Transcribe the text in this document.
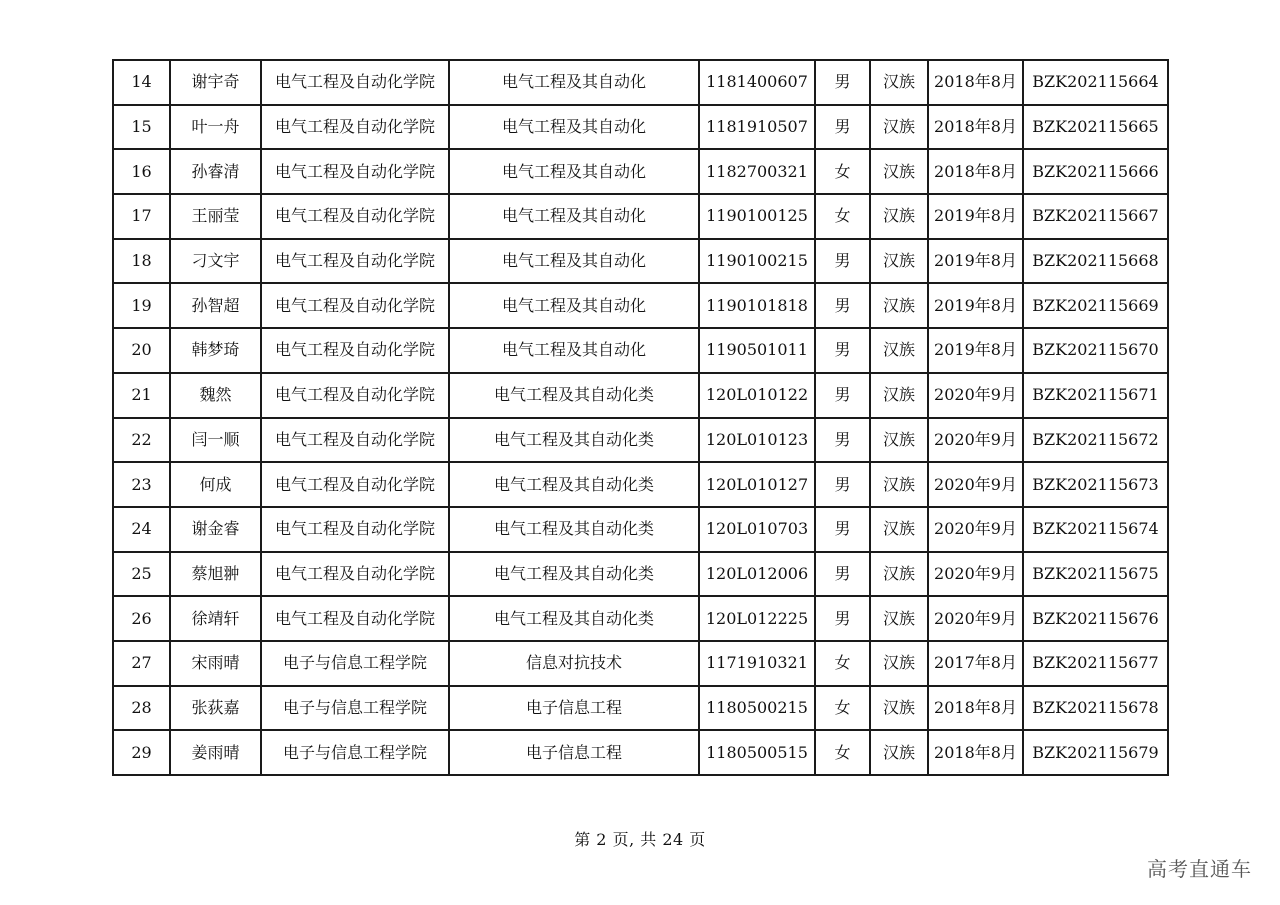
14	谢宇奇	电气工程及自动化学院	电气工程及其自动化	1181400607	男	汉族	2018年8月	BZK202115664
15	叶一舟	电气工程及自动化学院	电气工程及其自动化	1181910507	男	汉族	2018年8月	BZK202115665
16	孙睿清	电气工程及自动化学院	电气工程及其自动化	1182700321	女	汉族	2018年8月	BZK202115666
17	王丽莹	电气工程及自动化学院	电气工程及其自动化	1190100125	女	汉族	2019年8月	BZK202115667
18	刁文宇	电气工程及自动化学院	电气工程及其自动化	1190100215	男	汉族	2019年8月	BZK202115668
19	孙智超	电气工程及自动化学院	电气工程及其自动化	1190101818	男	汉族	2019年8月	BZK202115669
20	韩梦琦	电气工程及自动化学院	电气工程及其自动化	1190501011	男	汉族	2019年8月	BZK202115670
21	魏然	电气工程及自动化学院	电气工程及其自动化类	120L010122	男	汉族	2020年9月	BZK202115671
22	闫一顺	电气工程及自动化学院	电气工程及其自动化类	120L010123	男	汉族	2020年9月	BZK202115672
23	何成	电气工程及自动化学院	电气工程及其自动化类	120L010127	男	汉族	2020年9月	BZK202115673
24	谢金睿	电气工程及自动化学院	电气工程及其自动化类	120L010703	男	汉族	2020年9月	BZK202115674
25	蔡旭翀	电气工程及自动化学院	电气工程及其自动化类	120L012006	男	汉族	2020年9月	BZK202115675
26	徐靖轩	电气工程及自动化学院	电气工程及其自动化类	120L012225	男	汉族	2020年9月	BZK202115676
27	宋雨晴	电子与信息工程学院	信息对抗技术	1171910321	女	汉族	2017年8月	BZK202115677
28	张荻嘉	电子与信息工程学院	电子信息工程	1180500215	女	汉族	2018年8月	BZK202115678
29	姜雨晴	电子与信息工程学院	电子信息工程	1180500515	女	汉族	2018年8月	BZK202115679
第 2 页, 共 24 页
高考直通车
